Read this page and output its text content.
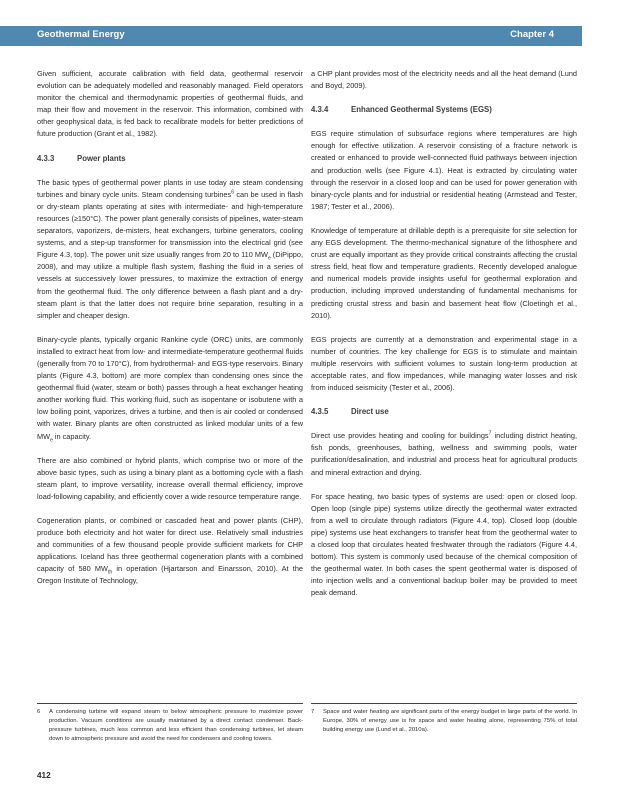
Geothermal Energy	Chapter 4

Given sufficient, accurate calibration with field data, geothermal reservoir evolution can be adequately modelled and reasonably managed. Field operators monitor the chemical and thermodynamic properties of geothermal fluids, and map their flow and movement in the reservoir. This information, combined with other geophysical data, is fed back to recalibrate models for better predictions of future production (Grant et al., 1982).

4.3.3	Power plants

The basic types of geothermal power plants in use today are steam condensing turbines and binary cycle units. Steam condensing turbines$^6$ can be used in flash or dry-steam plants operating at sites with intermediate- and high-temperature resources (≥150°C). The power plant generally consists of pipelines, water-steam separators, vaporizers, de-misters, heat exchangers, turbine generators, cooling systems, and a step-up transformer for transmission into the electrical grid (see Figure 4.3, top). The power unit size usually ranges from 20 to 110 $MW_e$ (DiPippo, 2008), and may utilize a multiple flash system, flashing the fluid in a series of vessels at successively lower pressures, to maximize the extraction of energy from the geothermal fluid. The only difference between a flash plant and a dry-steam plant is that the latter does not require brine separation, resulting in a simpler and cheaper design.

Binary-cycle plants, typically organic Rankine cycle (ORC) units, are commonly installed to extract heat from low- and intermediate-temperature geothermal fluids (generally from 70 to 170°C), from hydrothermal- and EGS-type reservoirs. Binary plants (Figure 4.3, bottom) are more complex than condensing ones since the geothermal fluid (water, steam or both) passes through a heat exchanger heating another working fluid. This working fluid, such as isopentane or isobutene with a low boiling point, vaporizes, drives a turbine, and then is air cooled or condensed with water. Binary plants are often constructed as linked modular units of a few $MW_e$ in capacity.

There are also combined or hybrid plants, which comprise two or more of the above basic types, such as using a binary plant as a bottoming cycle with a flash steam plant, to improve versatility, increase overall thermal efficiency, improve load-following capability, and efficiently cover a wide resource temperature range.

Cogeneration plants, or combined or cascaded heat and power plants (CHP), produce both electricity and hot water for direct use. Relatively small industries and communities of a few thousand people provide sufficient markets for CHP applications. Iceland has three geothermal cogeneration plants with a combined capacity of 580 $MW_{th}$ in operation (Hjartarson and Einarsson, 2010). At the Oregon Institute of Technology,

a CHP plant provides most of the electricity needs and all the heat demand (Lund and Boyd, 2009).

4.3.4	Enhanced Geothermal Systems (EGS)

EGS require stimulation of subsurface regions where temperatures are high enough for effective utilization. A reservoir consisting of a fracture network is created or enhanced to provide well-connected fluid pathways between injection and production wells (see Figure 4.1). Heat is extracted by circulating water through the reservoir in a closed loop and can be used for power generation with binary-cycle plants and for industrial or residential heating (Armstead and Tester, 1987; Tester et al., 2006).

Knowledge of temperature at drillable depth is a prerequisite for site selection for any EGS development. The thermo-mechanical signature of the lithosphere and crust are equally important as they provide critical constraints affecting the crustal stress field, heat flow and temperature gradients. Recently developed analogue and numerical models provide insights useful for geothermal exploration and production, including improved understanding of fundamental mechanisms for predicting crustal stress and basin and basement heat flow (Cloetingh et al., 2010).

EGS projects are currently at a demonstration and experimental stage in a number of countries. The key challenge for EGS is to stimulate and maintain multiple reservoirs with sufficient volumes to sustain long-term production at acceptable rates, and flow impedances, while managing water losses and risk from induced seismicity (Tester et al., 2006).

4.3.5	Direct use

Direct use provides heating and cooling for buildings$^7$ including district heating, fish ponds, greenhouses, bathing, wellness and swimming pools, water purification/desalination, and industrial and process heat for agricultural products and mineral extraction and drying.

For space heating, two basic types of systems are used: open or closed loop. Open loop (single pipe) systems utilize directly the geothermal water extracted from a well to circulate through radiators (Figure 4.4, top). Closed loop (double pipe) systems use heat exchangers to transfer heat from the geothermal water to a closed loop that circulates heated freshwater through the radiators (Figure 4.4, bottom). This system is commonly used because of the chemical composition of the geothermal water. In both cases the spent geothermal water is disposed of into injection wells and a conventional backup boiler may be provided to meet peak demand.

6 A condensing turbine will expand steam to below atmospheric pressure to maximize power production. Vacuum conditions are usually maintained by a direct contact condenser. Back-pressure turbines, much less common and less efficient than condensing turbines, let steam down to atmospheric pressure and avoid the need for condensers and cooling towers.
7 Space and water heating are significant parts of the energy budget in large parts of the world. In Europe, 30% of energy use is for space and water heating alone, representing 75% of total building energy use (Lund et al., 2010a).
412
